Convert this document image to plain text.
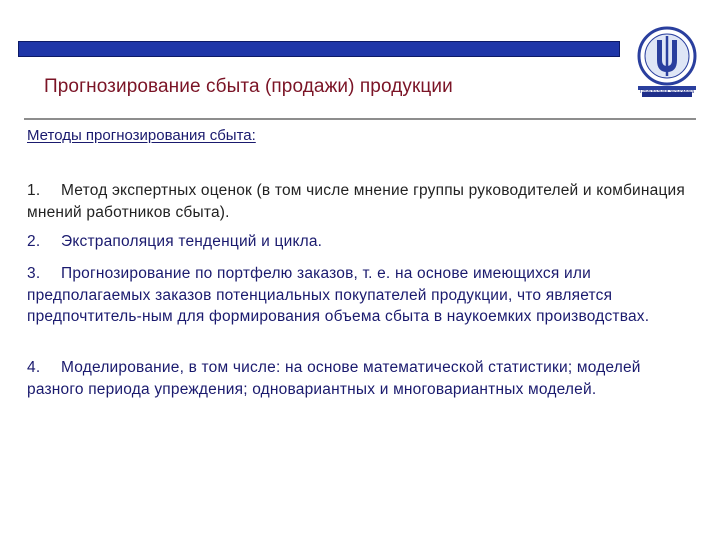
Прогнозирование сбыта (продажи) продукции	Прикладная экономика
Методы прогнозирования сбыта:
1. Метод экспертных оценок (в том числе мнение группы руководителей и комбинация мнений работников сбыта).
2. Экстраполяция тенденций и цикла.
3. Прогнозирование по портфелю заказов, т. е. на основе имеющихся или предполагаемых заказов потенциальных покупателей продукции, что является предпочтитель-ным для формирования объема сбыта в наукоемких производствах.
4. Моделирование, в том числе: на основе математической статистики; моделей разного периода упреждения; одновариантных и многовариантных моделей.
